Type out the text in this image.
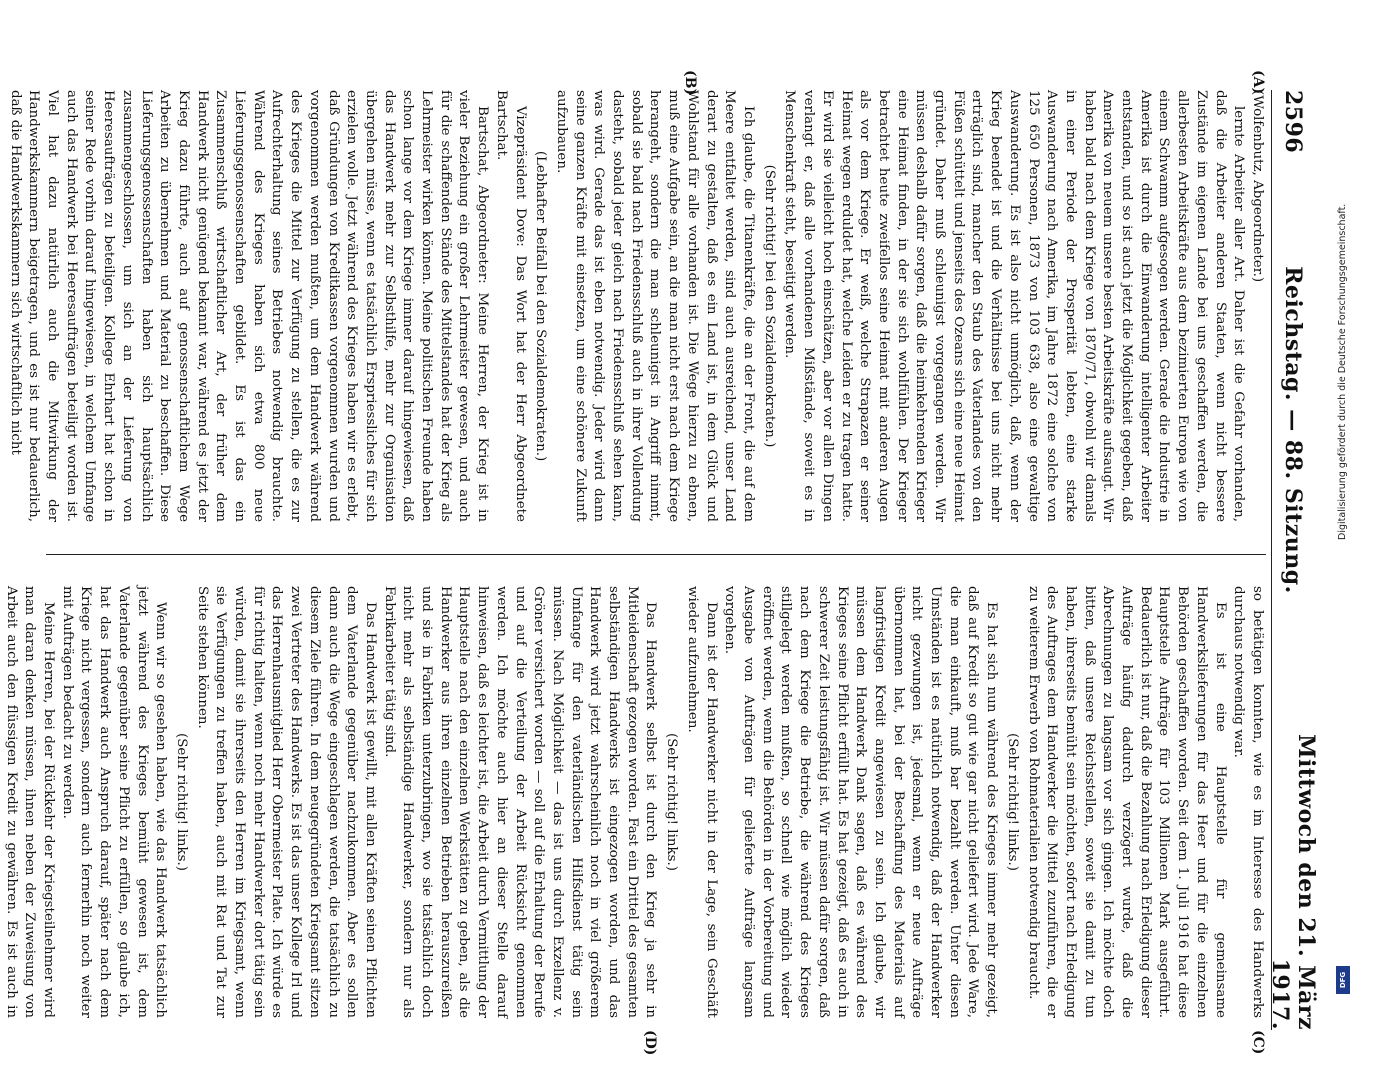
2596
Reichstag. — 88. Sitzung.
Mittwoch den 21. März 1917.
(A)
(B)
(C)
(D)

(Wolfenbutz, Abgeordneter.)

lernte Arbeiter aller Art. Daher ist die Gefahr vorhanden, daß die Arbeiter anderen Staaten, wenn nicht bessere Zustände im eigenen Lande bei uns geschaffen werden, die allerbesten Arbeitskräfte aus dem bezimierten Europa wie von einem Schwamm aufgesogen werden. Gerade die Industrie in Amerika ist durch die Einwanderung intelligenter Arbeiter entstanden, und so ist auch jetzt die Möglichkeit gegeben, daß Amerika von neuem unsere besten Arbeitskräfte aufsaugt. Wir haben bald nach dem Kriege von 1870/71, obwohl wir damals in einer Periode der Prosperität lebten, eine starke Auswanderung nach Amerika, im Jahre 1872 eine solche von 125 650 Personen, 1873 von 103 638, also eine gewaltige Auswanderung. Es ist also nicht unmöglich, daß, wenn der Krieg beendet ist und die Verhältnisse bei uns nicht mehr erträglich sind, mancher den Staub des Vaterlandes von den Füßen schüttelt und jenseits des Ozeans sich eine neue Heimat gründet. Daher muß schleunigst vorgegangen werden. Wir müssen deshalb dafür sorgen, daß die heimkehrenden Krieger eine Heimat finden, in der sie sich wohlfühlen. Der Krieger betrachtet heute zweifellos seine Heimat mit anderen Augen als vor dem Kriege. Er weiß, welche Strapazen er seiner Heimat wegen erduldet hat, welche Leiden er zu tragen hatte. Er wird sie vielleicht hoch einschätzen, aber vor allen Dingen verlangt er, daß alle vorhandenen Mißstände, soweit es in Menschenkraft steht, beseitigt werden.

(Sehr richtig! bei den Sozialdemokraten.)

Ich glaube, die Titanenkräfte, die an der Front, die auf dem Meere entfaltet werden, sind auch ausreichend, unser Land derart zu gestalten, daß es ein Land ist, in dem Glück und Wohlstand für alle vorhanden ist. Die Wege hierzu zu ebnen, muß eine Aufgabe sein, an die man nicht erst nach dem Kriege herangeht, sondern die man schleunigst in Angriff nimmt, sobald sie bald nach Friedensschluß auch in ihrer Vollendung dasteht, sobald jeder gleich nach Friedensschluß sehen kann, was wird. Gerade das ist eben notwendig. Jeder wird dann seine ganzen Kräfte mit einsetzen, um eine schönere Zukunft aufzubauen.

(Lebhafter Beifall bei den Sozialdemokraten.)

Vizepräsident Dove: Das Wort hat der Herr Abgeordnete Bartschat.

Bartschat, Abgeordneter: Meine Herren, der Krieg ist in vieler Beziehung ein großer Lehrmeister gewesen, und auch für die schaffenden Stände des Mittelstandes hat der Krieg als Lehrmeister wirken können. Meine politischen Freunde haben schon lange vor dem Kriege immer darauf hingewiesen, daß das Handwerk mehr zur Selbsthilfe, mehr zur Organisation übergehen müsse, wenn es tatsächlich Erspriessliches für sich erzielen wolle. Jetzt während des Krieges haben wir es erlebt, daß Gründungen von Kreditkassen vorgenommen wurden und vorgenommen werden mußten, um dem Handwerk während des Krieges die Mittel zur Verfügung zu stellen, die es zur Aufrechterhaltung seines Betriebes notwendig brauchte. Während des Krieges haben sich etwa 800 neue Lieferungsgenossenschaften gebildet. Es ist das ein Zusammenschluß wirtschaftlicher Art, der früher dem Handwerk nicht genügend bekannt war, während es jetzt der Krieg dazu führte, auch auf genossenschaftlichem Wege Arbeiten zu übernehmen und Material zu beschaffen. Diese Lieferungsgenossenschaften haben sich hauptsächlich zusammengeschlossen, um sich an der Lieferung von Heeresaufträgen zu beteiligen. Kollege Ehrhart hat schon in seiner Rede vorhin darauf hingewiesen, in welchem Umfange auch das Handwerk bei Heeresaufträgen beteiligt worden ist. Viel hat dazu natürlich auch die Mitwirkung der Handwerkskammern beigetragen, und es ist nur bedauerlich, daß die Handwerkskammern sich wirtschaftlich nicht

so betätigen konnten, wie es im Interesse des Handwerks durchaus notwendig war.

Es ist eine Hauptstelle für gemeinsame Handwerkslieferungen für das Heer und für die einzelnen Behörden geschaffen worden. Seit dem 1. Juli 1916 hat diese Hauptstelle Aufträge für 103 Millionen Mark ausgeführt. Bedauerlich ist nur, daß die Bezahlung nach Erledigung dieser Aufträge häufig dadurch verzögert wurde, daß die Abrechnungen zu langsam vor sich gingen. Ich möchte doch bitten, daß unsere Reichsstellen, soweit sie damit zu tun haben, ihrerseits bemüht sein möchten, sofort nach Erledigung des Auftrages dem Handwerker die Mittel zuzuführen, die er zu weiterem Erwerb von Rohmaterialien notwendig braucht.

(Sehr richtig! links.)

Es hat sich nun während des Krieges immer mehr gezeigt, daß auf Kredit so gut wie gar nicht geliefert wird. Jede Ware, die man einkauft, muß bar bezahlt werden. Unter diesen Umständen ist es natürlich notwendig, daß der Handwerker nicht gezwungen ist, jedesmal, wenn er neue Aufträge übernommen hat, bei der Beschaffung des Materials auf langfristigen Kredit angewiesen zu sein. Ich glaube, wir müssen dem Handwerk Dank sagen, daß es während des Krieges seine Pflicht erfüllt hat. Es hat gezeigt, daß es auch in schwerer Zeit leistungsfähig ist. Wir müssen dafür sorgen, daß nach dem Kriege die Betriebe, die während des Krieges stillgelegt werden mußten, so schnell wie möglich wieder eröffnet werden, wenn die Behörden in der Vorbereitung und Ausgabe von Aufträgen für gelieferte Aufträge langsam vorgehen.

Dann ist der Handwerker nicht in der Lage, sein Geschäft wieder aufzunehmen.

(Sehr richtig! links.)

Das Handwerk selbst ist durch den Krieg ja sehr in Mitleidenschaft gezogen worden. Fast ein Drittel des gesamten selbständigen Handwerks ist eingezogen worden, und das Handwerk wird jetzt wahrscheinlich noch in viel größerem Umfange für den vaterländischen Hilfsdienst tätig sein müssen. Nach Möglichkeit — das ist uns durch Exzellenz v. Gröner versichert worden — soll auf die Erhaltung der Berufe und auf die Verteilung der Arbeit Rücksicht genommen werden. Ich möchte auch hier an dieser Stelle darauf hinweisen, daß es leichter ist, die Arbeit durch Vermittlung der Hauptstelle nach den einzelnen Werkstätten zu geben, als die Handwerker aus ihren einzelnen Betrieben herauszureißen und sie in Fabriken unterzubringen, wo sie tatsächlich doch nicht mehr als selbständige Handwerker, sondern nur als Fabrikarbeiter tätig sind.

Das Handwerk ist gewillt, mit allen Kräften seinen Pflichten dem Vaterlande gegenüber nachzukommen. Aber es sollen dann auch die Wege eingeschlagen werden, die tatsächlich zu diesem Ziele führen. In dem neugegründeten Kriegsamt sitzen zwei Vertreter des Handwerks. Es ist das unser Kollege Irl und das Herrenhausmitglied Herr Obermeister Plate. Ich würde es für richtig halten, wenn noch mehr Handwerker dort tätig sein würden, damit sie ihrerseits den Herren im Kriegsamt, wenn sie Verfügungen zu treffen haben, auch mit Rat und Tat zur Seite stehen können.

(Sehr richtig! links.)

Wenn wir so gesehen haben, wie das Handwerk tatsächlich jetzt während des Krieges bemüht gewesen ist, dem Vaterlande gegenüber seine Pflicht zu erfüllen, so glaube ich, hat das Handwerk auch Anspruch darauf, später nach dem Kriege nicht vergessen, sondern auch fernerhin noch weiter mit Aufträgen bedacht zu werden.

Meine Herren, bei der Rückkehr der Kriegsteilnehmer wird man daran denken müssen, ihnen neben der Zuweisung von Arbeit auch den flüssigen Kredit zu gewähren. Es ist auch in

Digitalisierung gefördert durch die Deutsche Forschungsgemeinschaft.
DFG
